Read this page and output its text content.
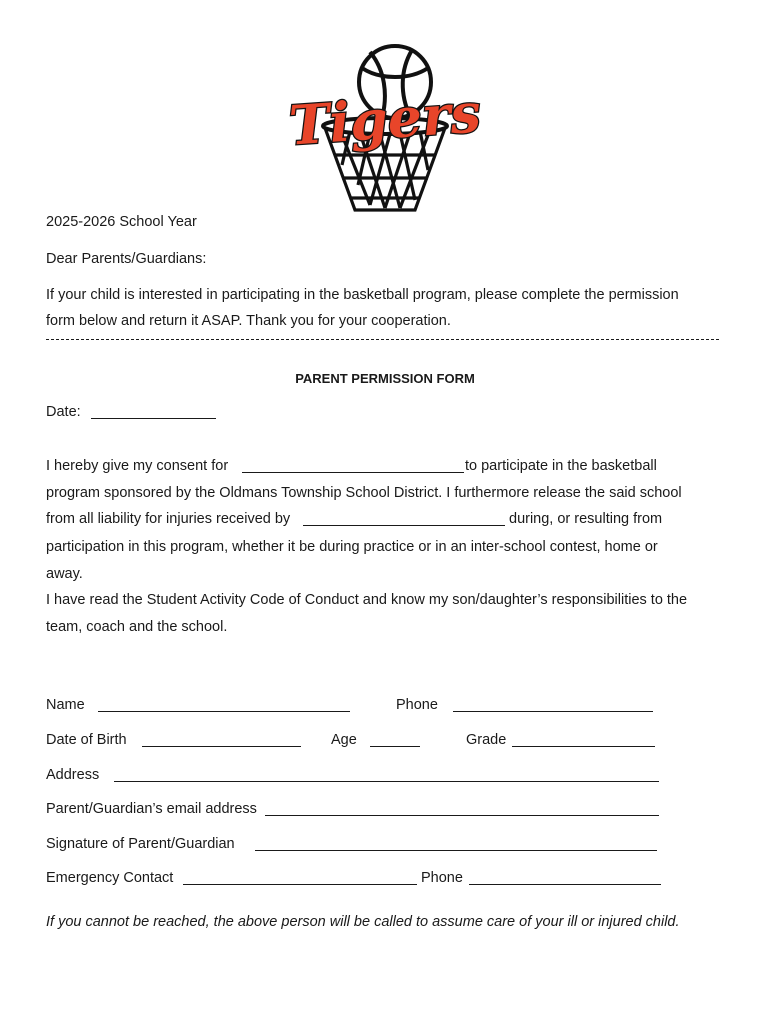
Tigers
2025-2026 School Year
Dear Parents/Guardians:
If your child is interested in participating in the basketball program, please complete the permission
form below and return it ASAP. Thank you for your cooperation.
PARENT PERMISSION FORM
Date:
I hereby give my consent for	to participate in the basketball
program sponsored by the Oldmans Township School District. I furthermore release the said school
from all liability for injuries received by	during, or resulting from
participation in this program, whether it be during practice or in an inter-school contest, home or
away.
I have read the Student Activity Code of Conduct and know my son/daughter’s responsibilities to the
team, coach and the school.
Name	Phone
Date of Birth	Age	Grade
Address
Parent/Guardian’s email address
Signature of Parent/Guardian
Emergency Contact	Phone
If you cannot be reached, the above person will be called to assume care of your ill or injured child.
